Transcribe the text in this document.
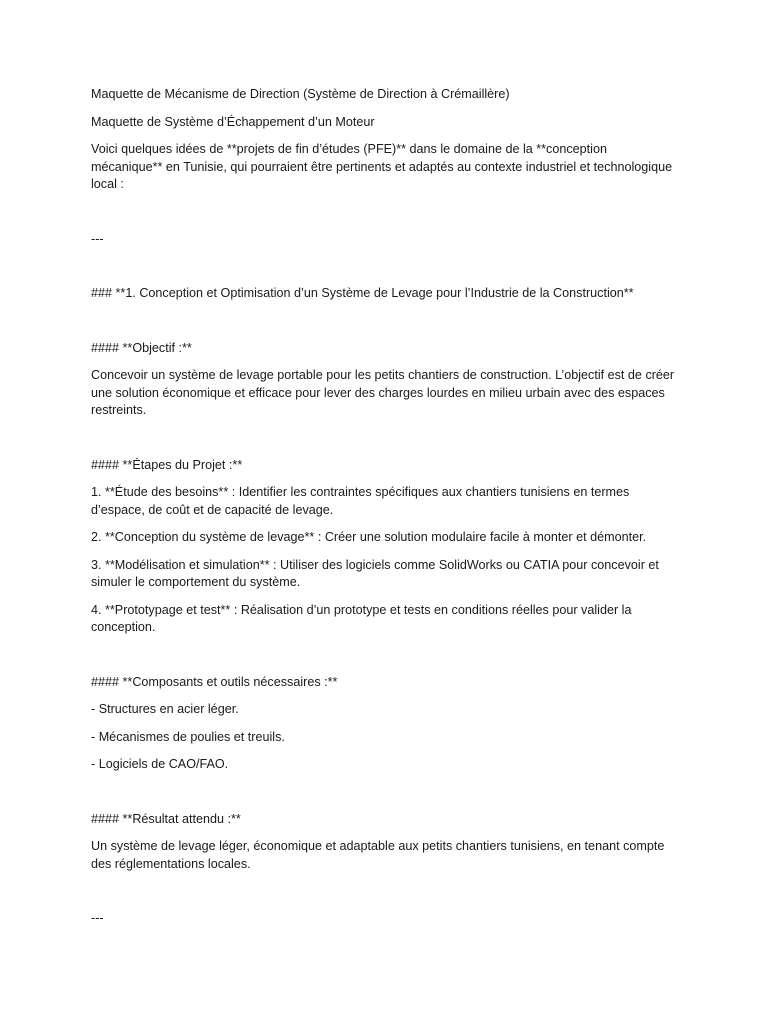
Maquette de Mécanisme de Direction (Système de Direction à Crémaillère)

Maquette de Système d’Échappement d’un Moteur

Voici quelques idées de **projets de fin d’études (PFE)** dans le domaine de la **conception mécanique** en Tunisie, qui pourraient être pertinents et adaptés au contexte industriel et technologique local :

---

### **1. Conception et Optimisation d’un Système de Levage pour l’Industrie de la Construction**

#### **Objectif :**

Concevoir un système de levage portable pour les petits chantiers de construction. L’objectif est de créer une solution économique et efficace pour lever des charges lourdes en milieu urbain avec des espaces restreints.

#### **Étapes du Projet :**

1. **Étude des besoins** : Identifier les contraintes spécifiques aux chantiers tunisiens en termes d’espace, de coût et de capacité de levage.

2. **Conception du système de levage** : Créer une solution modulaire facile à monter et démonter.

3. **Modélisation et simulation** : Utiliser des logiciels comme SolidWorks ou CATIA pour concevoir et simuler le comportement du système.

4. **Prototypage et test** : Réalisation d’un prototype et tests en conditions réelles pour valider la conception.

#### **Composants et outils nécessaires :**

- Structures en acier léger.

- Mécanismes de poulies et treuils.

- Logiciels de CAO/FAO.

#### **Résultat attendu :**

Un système de levage léger, économique et adaptable aux petits chantiers tunisiens, en tenant compte des réglementations locales.

---
